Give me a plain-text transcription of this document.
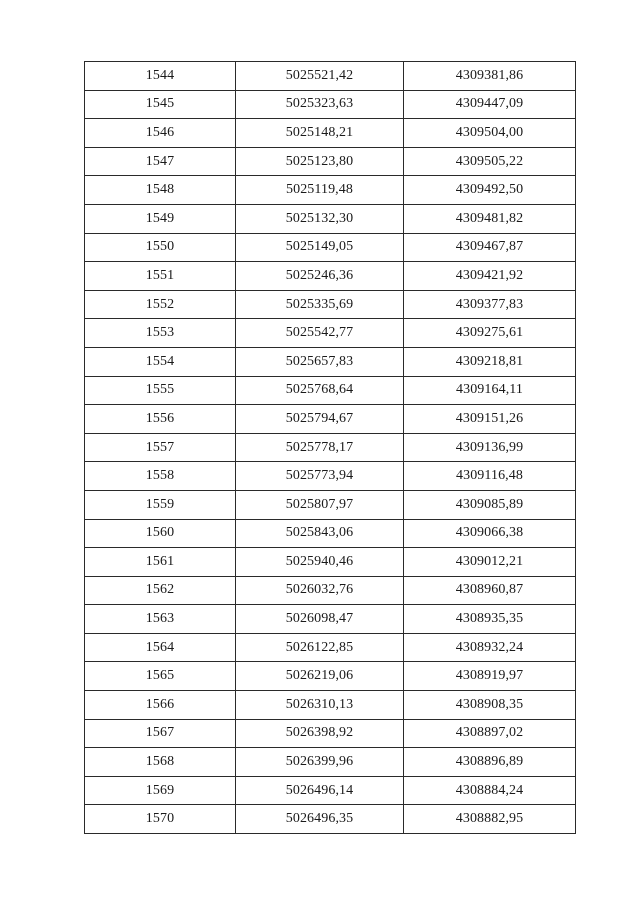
1544	5025521,42	4309381,86
1545	5025323,63	4309447,09
1546	5025148,21	4309504,00
1547	5025123,80	4309505,22
1548	5025119,48	4309492,50
1549	5025132,30	4309481,82
1550	5025149,05	4309467,87
1551	5025246,36	4309421,92
1552	5025335,69	4309377,83
1553	5025542,77	4309275,61
1554	5025657,83	4309218,81
1555	5025768,64	4309164,11
1556	5025794,67	4309151,26
1557	5025778,17	4309136,99
1558	5025773,94	4309116,48
1559	5025807,97	4309085,89
1560	5025843,06	4309066,38
1561	5025940,46	4309012,21
1562	5026032,76	4308960,87
1563	5026098,47	4308935,35
1564	5026122,85	4308932,24
1565	5026219,06	4308919,97
1566	5026310,13	4308908,35
1567	5026398,92	4308897,02
1568	5026399,96	4308896,89
1569	5026496,14	4308884,24
1570	5026496,35	4308882,95
